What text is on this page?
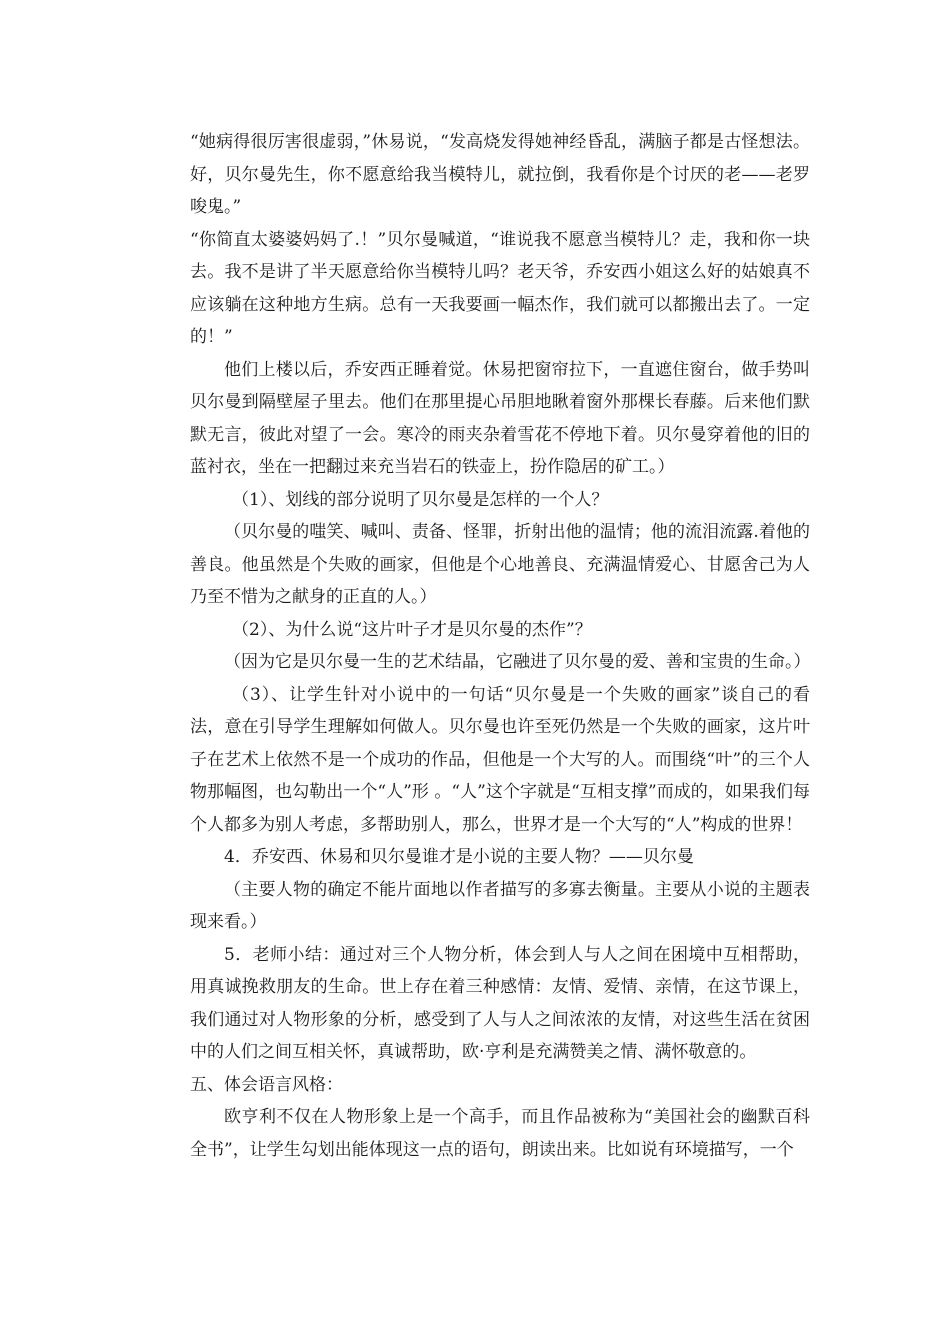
“她病得很厉害很虚弱，”休易说，“发高烧发得她神经昏乱，满脑子都是古怪想法。好，贝尔曼先生，你不愿意给我当模特儿，就拉倒，我看你是个讨厌的老——老罗唆鬼。”

“你简直太婆婆妈妈了.！”贝尔曼喊道，“谁说我不愿意当模特儿？走，我和你一块去。我不是讲了半天愿意给你当模特儿吗？老天爷，乔安西小姐这么好的姑娘真不应该躺在这种地方生病。总有一天我要画一幅杰作，我们就可以都搬出去了。一定的！”

他们上楼以后，乔安西正睡着觉。休易把窗帘拉下，一直遮住窗台，做手势叫贝尔曼到隔壁屋子里去。他们在那里提心吊胆地瞅着窗外那棵长春藤。后来他们默默无言，彼此对望了一会。寒冷的雨夹杂着雪花不停地下着。贝尔曼穿着他的旧的蓝衬衣，坐在一把翻过来充当岩石的铁壶上，扮作隐居的矿工。）

（1）、划线的部分说明了贝尔曼是怎样的一个人？

（贝尔曼的嗤笑、喊叫、责备、怪罪，折射出他的温情；他的流泪流露.着他的善良。他虽然是个失败的画家，但他是个心地善良、充满温情爱心、甘愿舍己为人乃至不惜为之献身的正直的人。）

（2）、为什么说“这片叶子才是贝尔曼的杰作”？

（因为它是贝尔曼一生的艺术结晶，它融进了贝尔曼的爱、善和宝贵的生命。）

（3）、让学生针对小说中的一句话“贝尔曼是一个失败的画家”谈自己的看法，意在引导学生理解如何做人。贝尔曼也许至死仍然是一个失败的画家，这片叶子在艺术上依然不是一个成功的作品，但他是一个大写的人。而围绕“叶”的三个人物那幅图，也勾勒出一个“人”形 。“人”这个字就是“互相支撑”而成的，如果我们每个人都多为别人考虑，多帮助别人，那么，世界才是一个大写的“人”构成的世界！

4．乔安西、休易和贝尔曼谁才是小说的主要人物？——贝尔曼

（主要人物的确定不能片面地以作者描写的多寡去衡量。主要从小说的主题表现来看。）

5．老师小结：通过对三个人物分析，体会到人与人之间在困境中互相帮助，用真诚挽救朋友的生命。世上存在着三种感情：友情、爱情、亲情，在这节课上，我们通过对人物形象的分析，感受到了人与人之间浓浓的友情，对这些生活在贫困中的人们之间互相关怀，真诚帮助，欧·亨利是充满赞美之情、满怀敬意的。

五、体会语言风格：

欧亨利不仅在人物形象上是一个高手，而且作品被称为“美国社会的幽默百科全书”，让学生勾划出能体现这一点的语句，朗读出来。比如说有环境描写，一个
